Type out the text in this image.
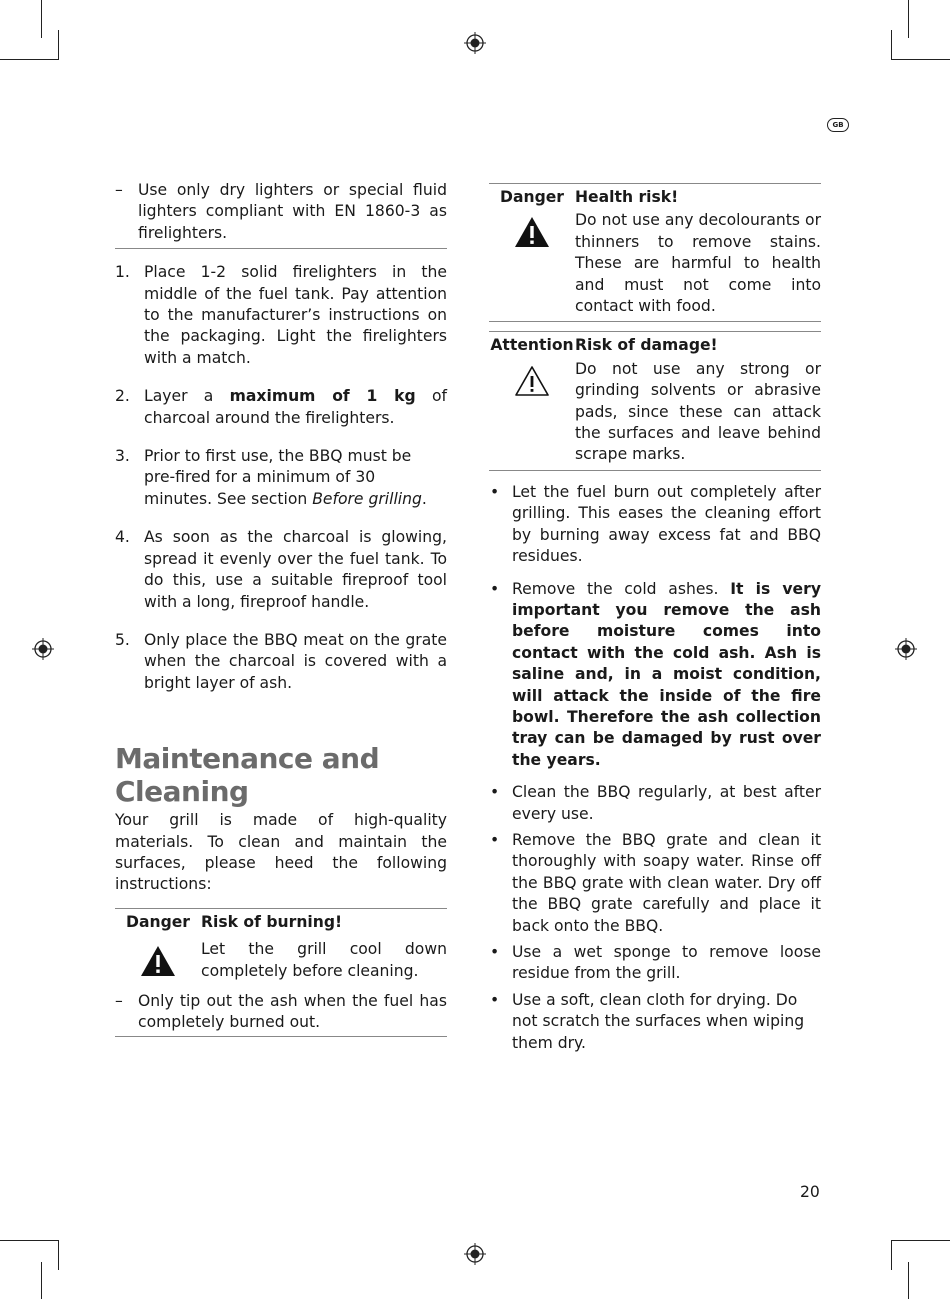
GB
– Use only dry lighters or special fluid lighters compliant with EN 1860-3 as firelighters.
1. Place 1-2 solid firelighters in the middle of the fuel tank. Pay attention to the manufacturer’s instructions on the packaging. Light the firelighters with a match.
2. Layer a maximum of 1 kg of charcoal around the firelighters.
3. Prior to first use, the BBQ must be pre-fired for a minimum of 30 minutes. See section Before grilling.
4. As soon as the charcoal is glowing, spread it evenly over the fuel tank. To do this, use a suitable fireproof tool with a long, fireproof handle.
5. Only place the BBQ meat on the grate when the charcoal is covered with a bright layer of ash.
Maintenance and
Cleaning
Your grill is made of high-quality materials. To clean and maintain the surfaces, please heed the following instructions:
Danger Risk of burning!
Let the grill cool down completely before cleaning.
– Only tip out the ash when the fuel has completely burned out.
Danger Health risk!
Do not use any decolourants or thinners to remove stains. These are harmful to health and must not come into contact with food.
Attention Risk of damage!
Do not use any strong or grinding solvents or abrasive pads, since these can attack the surfaces and leave behind scrape marks.
• Let the fuel burn out completely after grilling. This eases the cleaning effort by burning away excess fat and BBQ residues.
• Remove the cold ashes. It is very important you remove the ash before moisture comes into contact with the cold ash. Ash is saline and, in a moist condition, will attack the inside of the fire bowl. Therefore the ash collection tray can be damaged by rust over the years.
• Clean the BBQ regularly, at best after every use.
• Remove the BBQ grate and clean it thoroughly with soapy water. Rinse off the BBQ grate with clean water. Dry off the BBQ grate carefully and place it back onto the BBQ.
• Use a wet sponge to remove loose residue from the grill.
• Use a soft, clean cloth for drying. Do not scratch the surfaces when wiping them dry.
20
